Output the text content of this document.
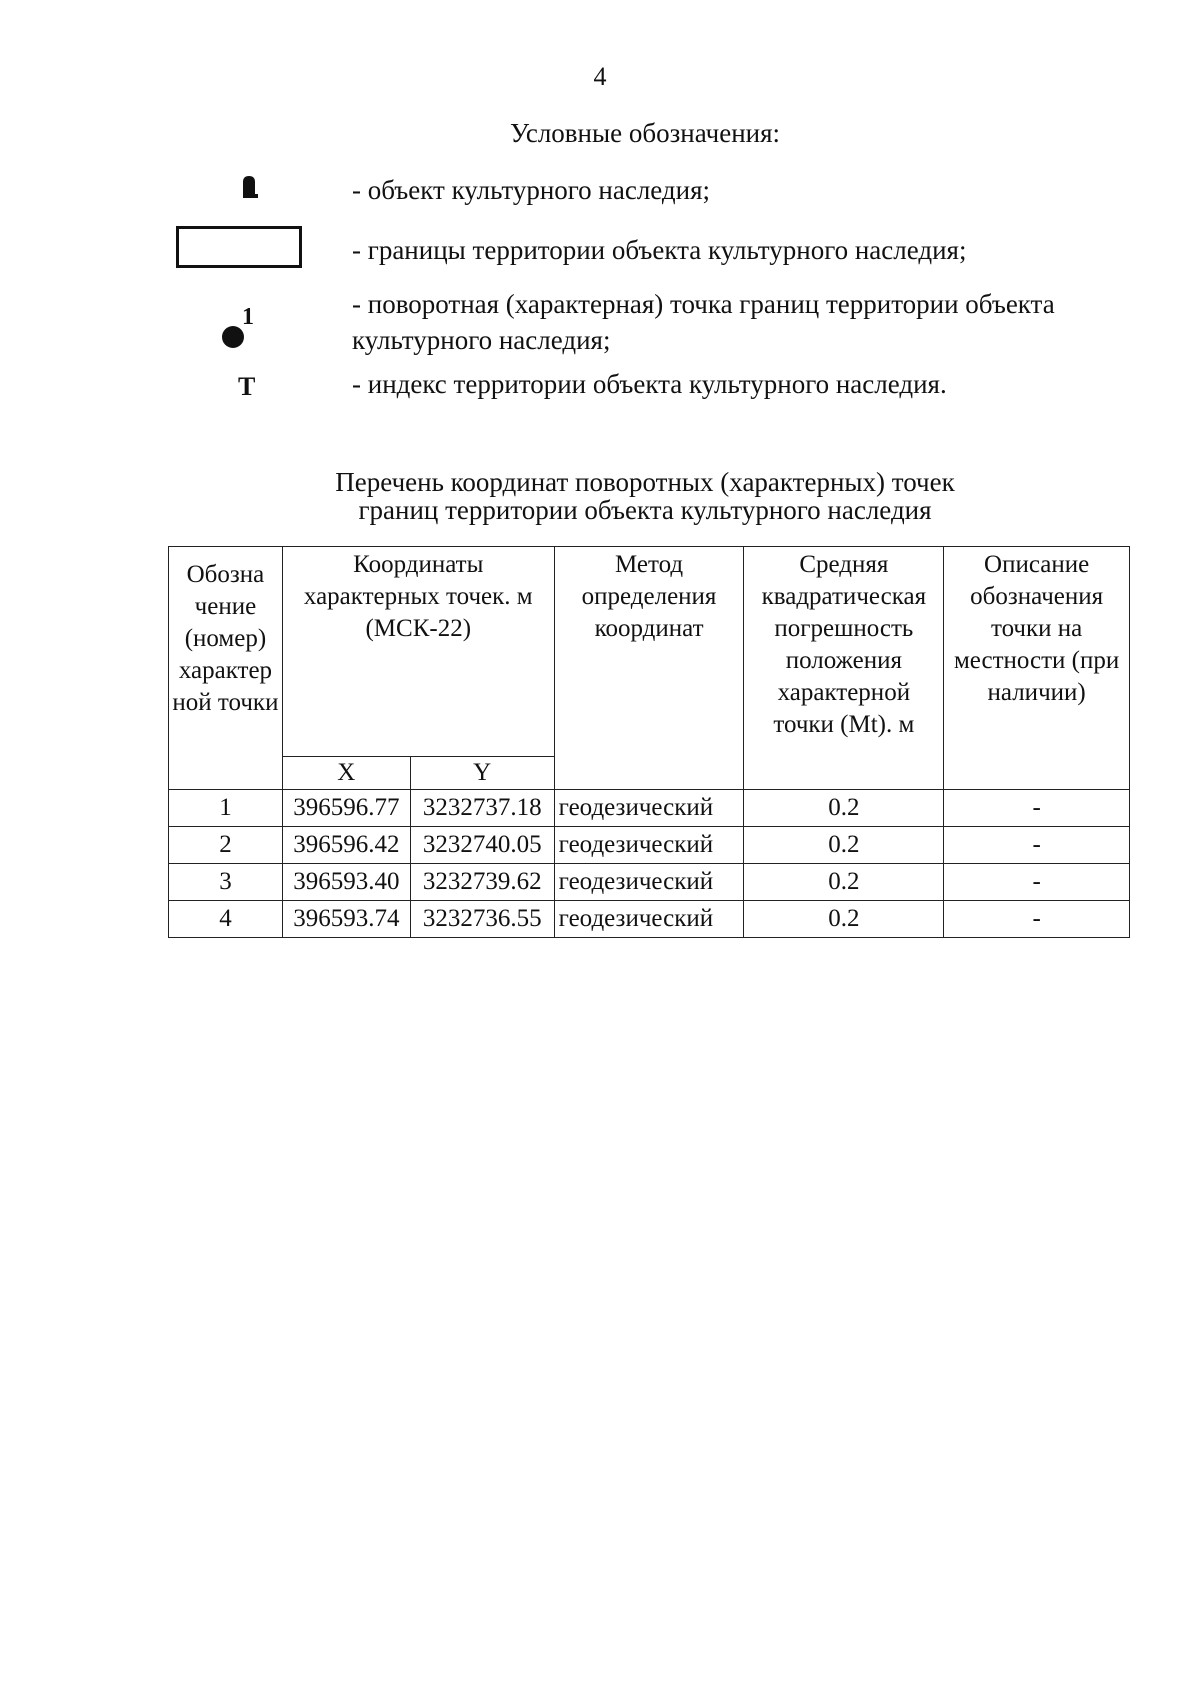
4
Условные обозначения:
- объект культурного наследия;
- границы территории объекта культурного наследия;
1	- поворотная (характерная) точка границ территории объекта культурного наследия;
Т	- индекс территории объекта культурного наследия.
Перечень координат поворотных (характерных) точек
границ территории объекта культурного наследия
Обозна чение (номер) характер ной точки	Координаты характерных точек. м (МСК-22)		Метод определения координат	Средняя квадратическая погрешность положения характерной точки (Mt). м	Описание обозначения точки на местности (при наличии)
	X	Y			
1	396596.77	3232737.18	геодезический	0.2	-
2	396596.42	3232740.05	геодезический	0.2	-
3	396593.40	3232739.62	геодезический	0.2	-
4	396593.74	3232736.55	геодезический	0.2	-
